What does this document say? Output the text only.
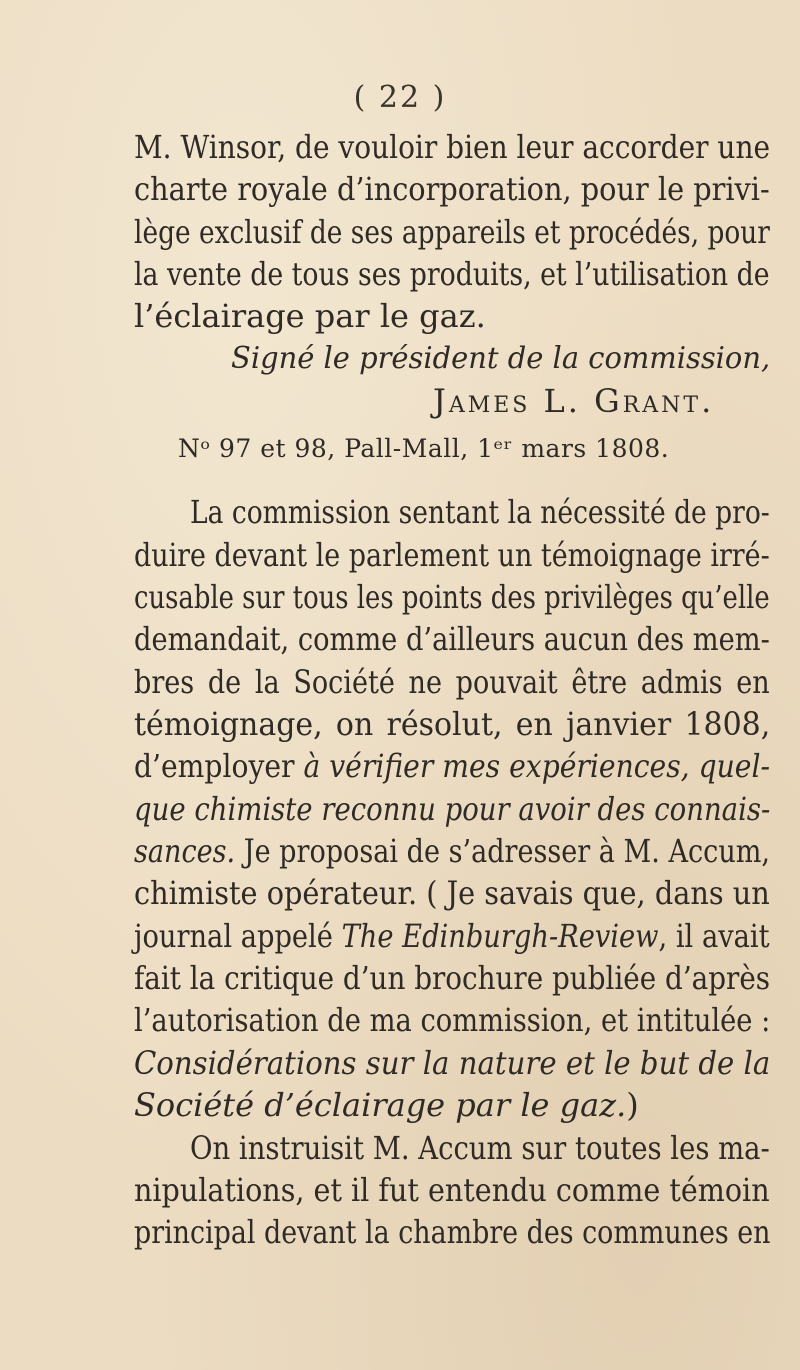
( 22 )
M. Winsor, de vouloir bien leur accorder une
charte royale d’incorporation, pour le privi-
lège exclusif de ses appareils et procédés, pour
la vente de tous ses produits, et l’utilisation de
l’éclairage par le gaz.
Signé le président de la commission,
James L. Grant.
Nᵒ 97 et 98, Pall-Mall, 1ᵉʳ mars 1808.
La commission sentant la nécessité de pro-
duire devant le parlement un témoignage irré-
cusable sur tous les points des privilèges qu’elle
demandait, comme d’ailleurs aucun des mem-
bres de la Société ne pouvait être admis en
témoignage, on résolut, en janvier 1808,
d’employer à vérifier mes expériences, quel-
que chimiste reconnu pour avoir des connais-
sances. Je proposai de s’adresser à M. Accum,
chimiste opérateur. ( Je savais que, dans un
journal appelé The Edinburgh-Review, il avait
fait la critique d’un brochure publiée d’après
l’autorisation de ma commission, et intitulée :
Considérations sur la nature et le but de la
Société d’éclairage par le gaz.)
On instruisit M. Accum sur toutes les ma-
nipulations, et il fut entendu comme témoin
principal devant la chambre des communes en
